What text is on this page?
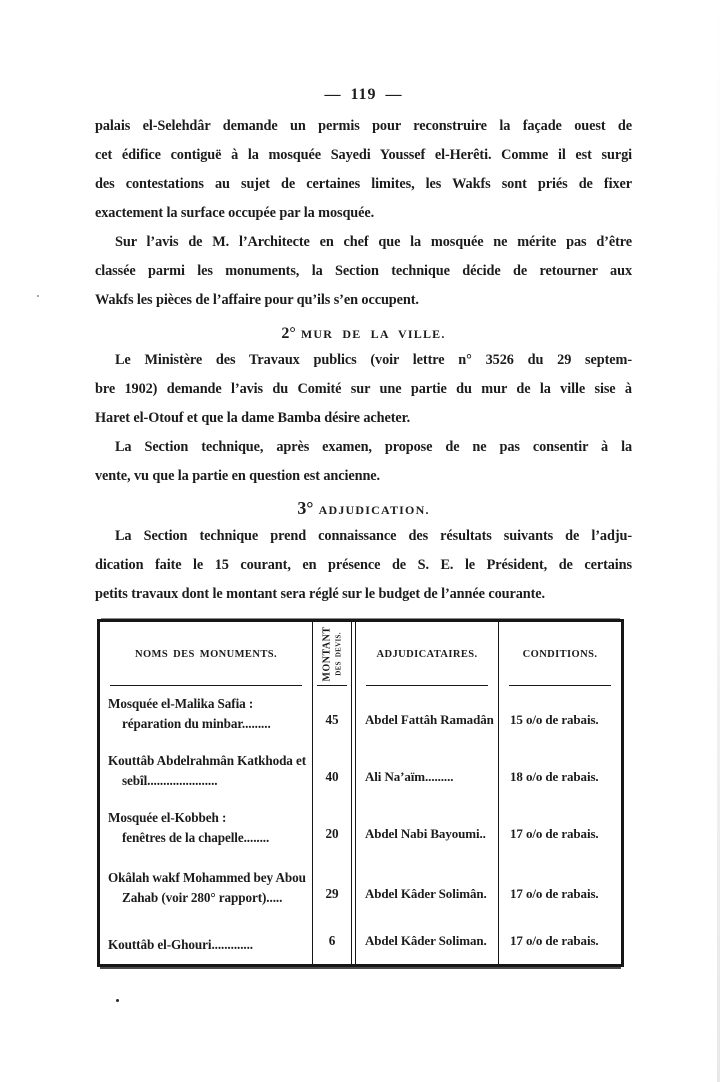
— 119 —

palais el-Selehdâr demande un permis pour reconstruire la façade ouest de
cet édifice contiguë à la mosquée Sayedi Youssef el-Herêti. Comme il est surgi
des contestations au sujet de certaines limites, les Wakfs sont priés de fixer
exactement la surface occupée par la mosquée.

Sur l’avis de M. l’Architecte en chef que la mosquée ne mérite pas d’être
classée parmi les monuments, la Section technique décide de retourner aux
Wakfs les pièces de l’affaire pour qu’ils s’en occupent.

2° MUR DE LA VILLE.

Le Ministère des Travaux publics (voir lettre n° 3526 du 29 septem-
bre 1902) demande l’avis du Comité sur une partie du mur de la ville sise à
Haret el-Otouf et que la dame Bamba désire acheter.

La Section technique, après examen, propose de ne pas consentir à la
vente, vu que la partie en question est ancienne.

3° ADJUDICATION.

La Section technique prend connaissance des résultats suivants de l’adju-
dication faite le 15 courant, en présence de S. E. le Président, de certains
petits travaux dont le montant sera réglé sur le budget de l’année courante.

NOMS DES MONUMENTS.
Mosquée el-Malika Safia :
réparation du minbar.........
Kouttâb Abdelrahmân Katkhoda et
sebîl......................
Mosquée el-Kobbeh :
fenêtres de la chapelle........
Okâlah wakf Mohammed bey Abou
Zahab (voir 280° rapport).....
Kouttâb el-Ghouri.............
MONTANT DES DEVIS.
45
40
20
29
6
ADJUDICATAIRES.
Abdel Fattâh Ramadân
Ali Na’aïm.........
Abdel Nabi Bayoumi..
Abdel Kâder Solimân.
Abdel Kâder Soliman.
CONDITIONS.
15 o/o de rabais.
18 o/o de rabais.
17 o/o de rabais.
17 o/o de rabais.
17 o/o de rabais.
